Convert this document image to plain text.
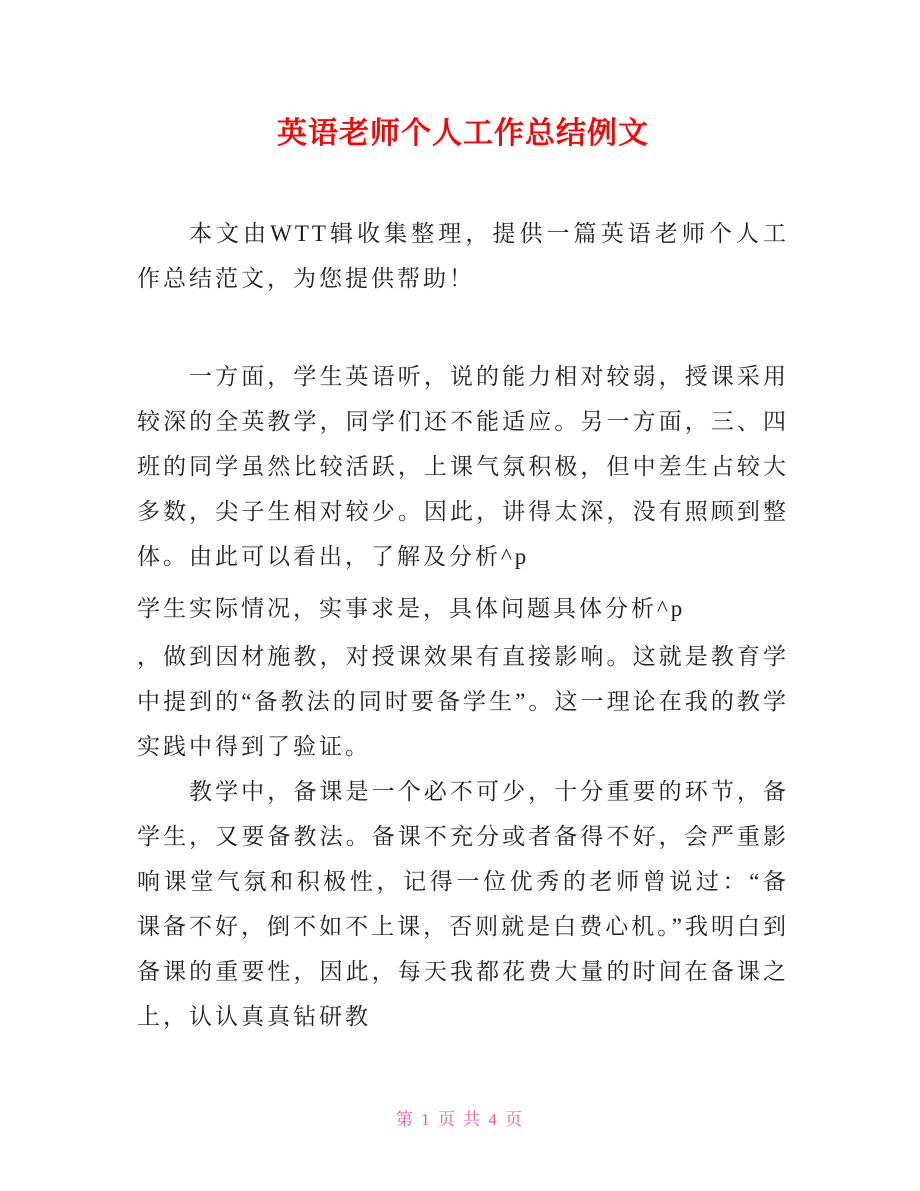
英语老师个人工作总结例文

本文由WTT辑收集整理，提供一篇英语老师个人工作总结范文，为您提供帮助！

一方面，学生英语听，说的能力相对较弱，授课采用较深的全英教学，同学们还不能适应。另一方面，三、四班的同学虽然比较活跃，上课气氛积极，但中差生占较大多数，尖子生相对较少。因此，讲得太深，没有照顾到整体。由此可以看出，了解及分析^p

学生实际情况，实事求是，具体问题具体分析^p

，做到因材施教，对授课效果有直接影响。这就是教育学中提到的“备教法的同时要备学生”。这一理论在我的教学实践中得到了验证。

教学中，备课是一个必不可少，十分重要的环节，备学生，又要备教法。备课不充分或者备得不好，会严重影响课堂气氛和积极性，记得一位优秀的老师曾说过：“备课备不好，倒不如不上课，否则就是白费心机。”我明白到备课的重要性，因此，每天我都花费大量的时间在备课之上，认认真真钻研教

第 1 页 共 4 页
